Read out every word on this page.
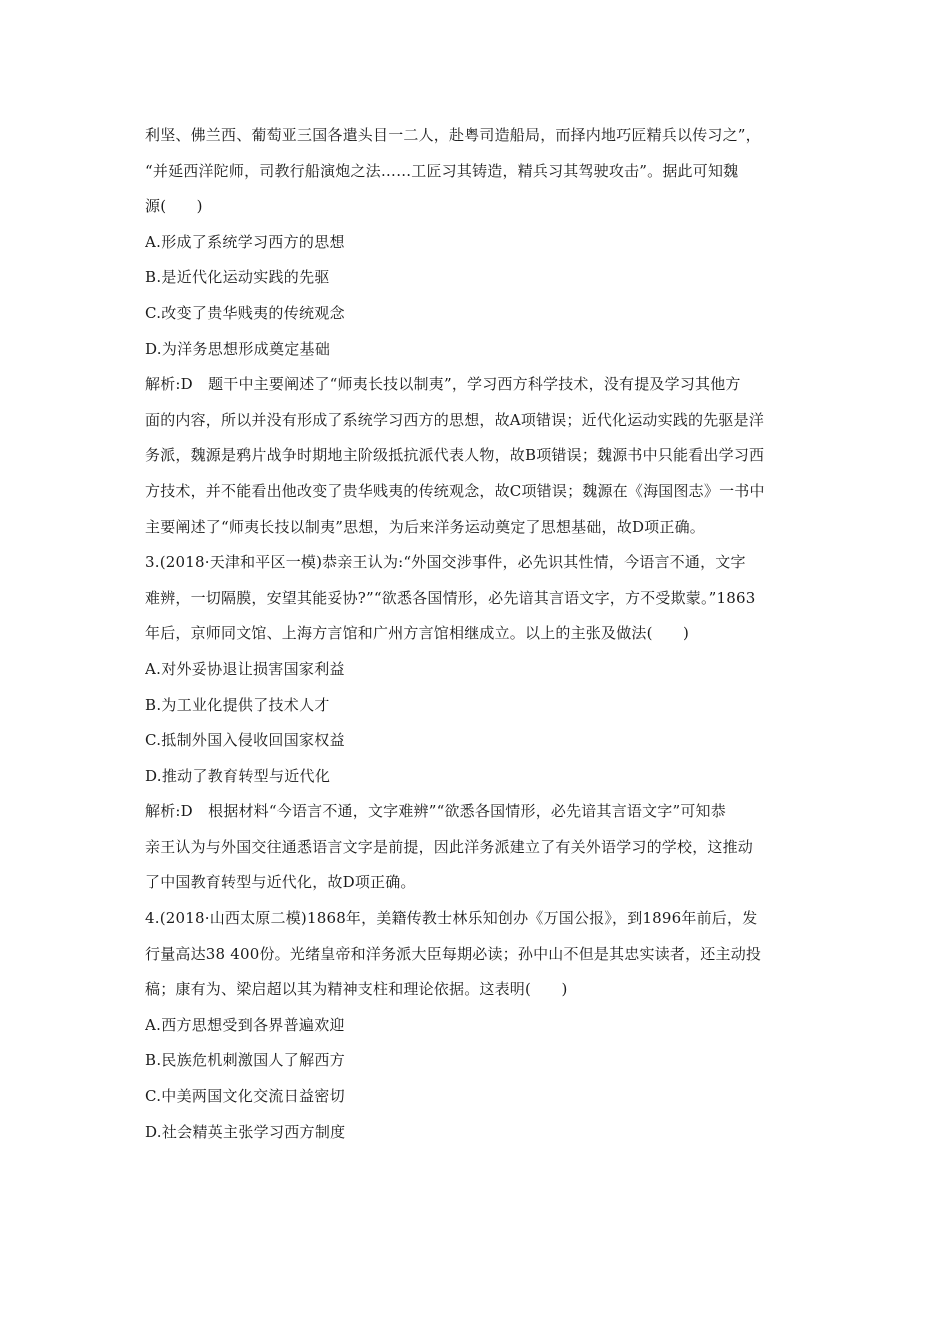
利坚、佛兰西、葡萄亚三国各遣头目一二人，赴粤司造船局，而择内地巧匠精兵以传习之”，
“并延西洋陀师，司教行船演炮之法……工匠习其铸造，精兵习其驾驶攻击”。据此可知魏
源(　　)
A.形成了系统学习西方的思想
B.是近代化运动实践的先驱
C.改变了贵华贱夷的传统观念
D.为洋务思想形成奠定基础
解析:D　题干中主要阐述了“师夷长技以制夷”，学习西方科学技术，没有提及学习其他方
面的内容，所以并没有形成了系统学习西方的思想，故A项错误；近代化运动实践的先驱是洋
务派，魏源是鸦片战争时期地主阶级抵抗派代表人物，故B项错误；魏源书中只能看出学习西
方技术，并不能看出他改变了贵华贱夷的传统观念，故C项错误；魏源在《海国图志》一书中
主要阐述了“师夷长技以制夷”思想，为后来洋务运动奠定了思想基础，故D项正确。
3.(2018·天津和平区一模)恭亲王认为:“外国交涉事件，必先识其性情，今语言不通，文字
难辨，一切隔膜，安望其能妥协?”“欲悉各国情形，必先谙其言语文字，方不受欺蒙。”1863
年后，京师同文馆、上海方言馆和广州方言馆相继成立。以上的主张及做法(　　)
A.对外妥协退让损害国家利益
B.为工业化提供了技术人才
C.抵制外国入侵收回国家权益
D.推动了教育转型与近代化
解析:D　根据材料“今语言不通，文字难辨”“欲悉各国情形，必先谙其言语文字”可知恭
亲王认为与外国交往通悉语言文字是前提，因此洋务派建立了有关外语学习的学校，这推动
了中国教育转型与近代化，故D项正确。
4.(2018·山西太原二模)1868年，美籍传教士林乐知创办《万国公报》，到1896年前后，发
行量高达38 400份。光绪皇帝和洋务派大臣每期必读；孙中山不但是其忠实读者，还主动投
稿；康有为、梁启超以其为精神支柱和理论依据。这表明(　　)
A.西方思想受到各界普遍欢迎
B.民族危机刺激国人了解西方
C.中美两国文化交流日益密切
D.社会精英主张学习西方制度
